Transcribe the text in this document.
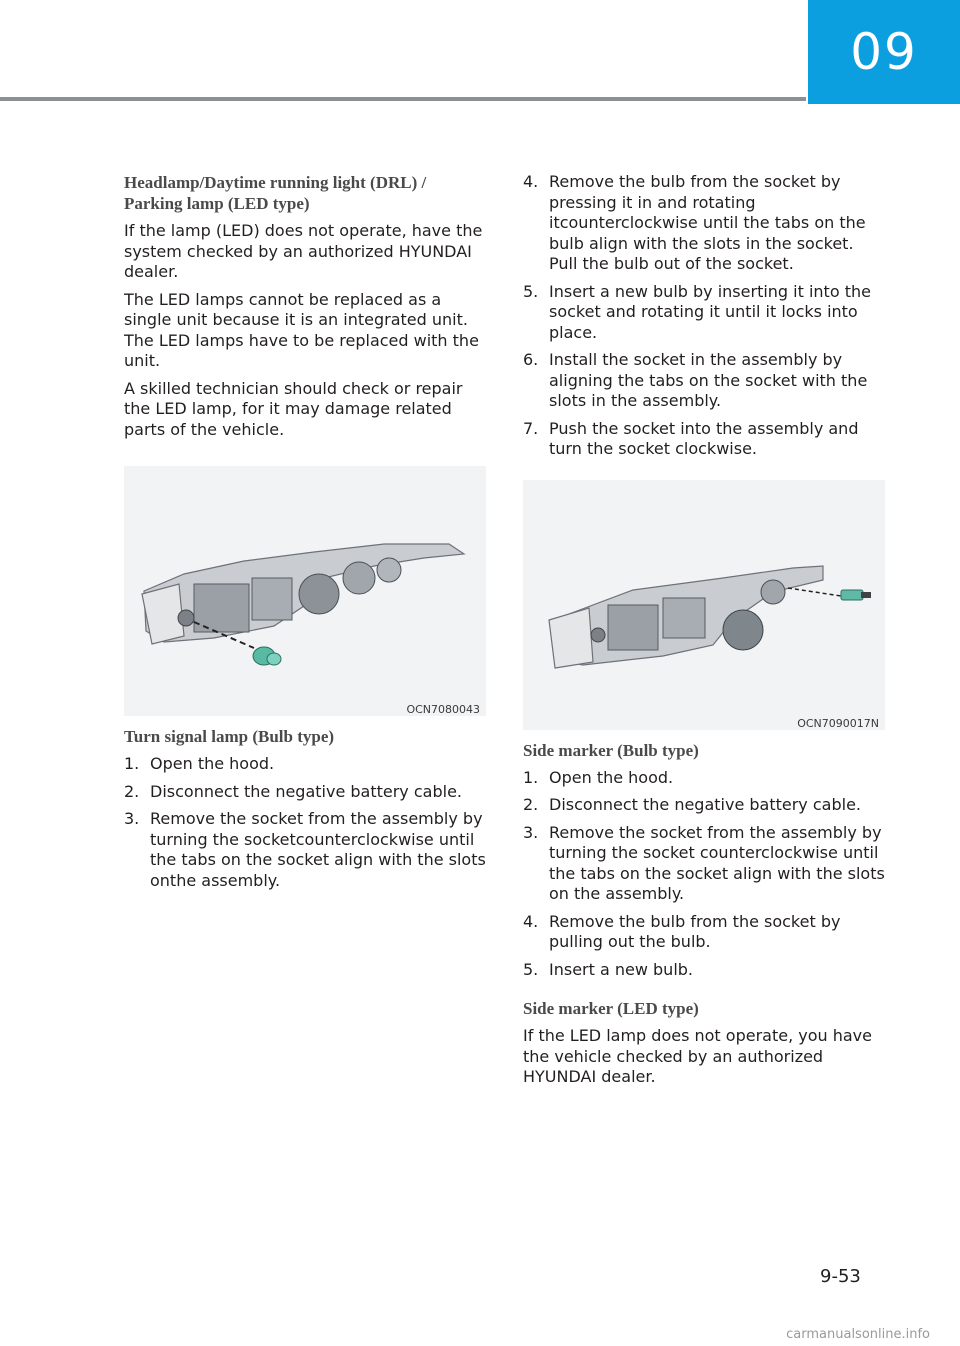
09
Headlamp/Daytime running light (DRL) / Parking lamp (LED type)

If the lamp (LED) does not operate, have the system checked by an authorized HYUNDAI dealer.

The LED lamps cannot be replaced as a single unit because it is an integrated unit. The LED lamps have to be replaced with the unit.

A skilled technician should check or repair the LED lamp, for it may damage related parts of the vehicle.

OCN7080043
Turn signal lamp (Bulb type)
1. Open the hood.
2. Disconnect the negative battery cable.
3. Remove the socket from the assembly by turning the socketcounterclockwise until the tabs on the socket align with the slots onthe assembly.
4. Remove the bulb from the socket by pressing it in and rotating itcounterclockwise until the tabs on the bulb align with the slots in the socket. Pull the bulb out of the socket.
5. Insert a new bulb by inserting it into the socket and rotating it until it locks into place.
6. Install the socket in the assembly by aligning the tabs on the socket with the slots in the assembly.
7. Push the socket into the assembly and turn the socket clockwise.
OCN7090017N
Side marker (Bulb type)
1. Open the hood.
2. Disconnect the negative battery cable.
3. Remove the socket from the assembly by turning the socket counterclockwise until the tabs on the socket align with the slots on the assembly.
4. Remove the bulb from the socket by pulling out the bulb.
5. Insert a new bulb.
Side marker (LED type)

If the LED lamp does not operate, you have the vehicle checked by an authorized HYUNDAI dealer.

9-53
carmanualsonline.info
